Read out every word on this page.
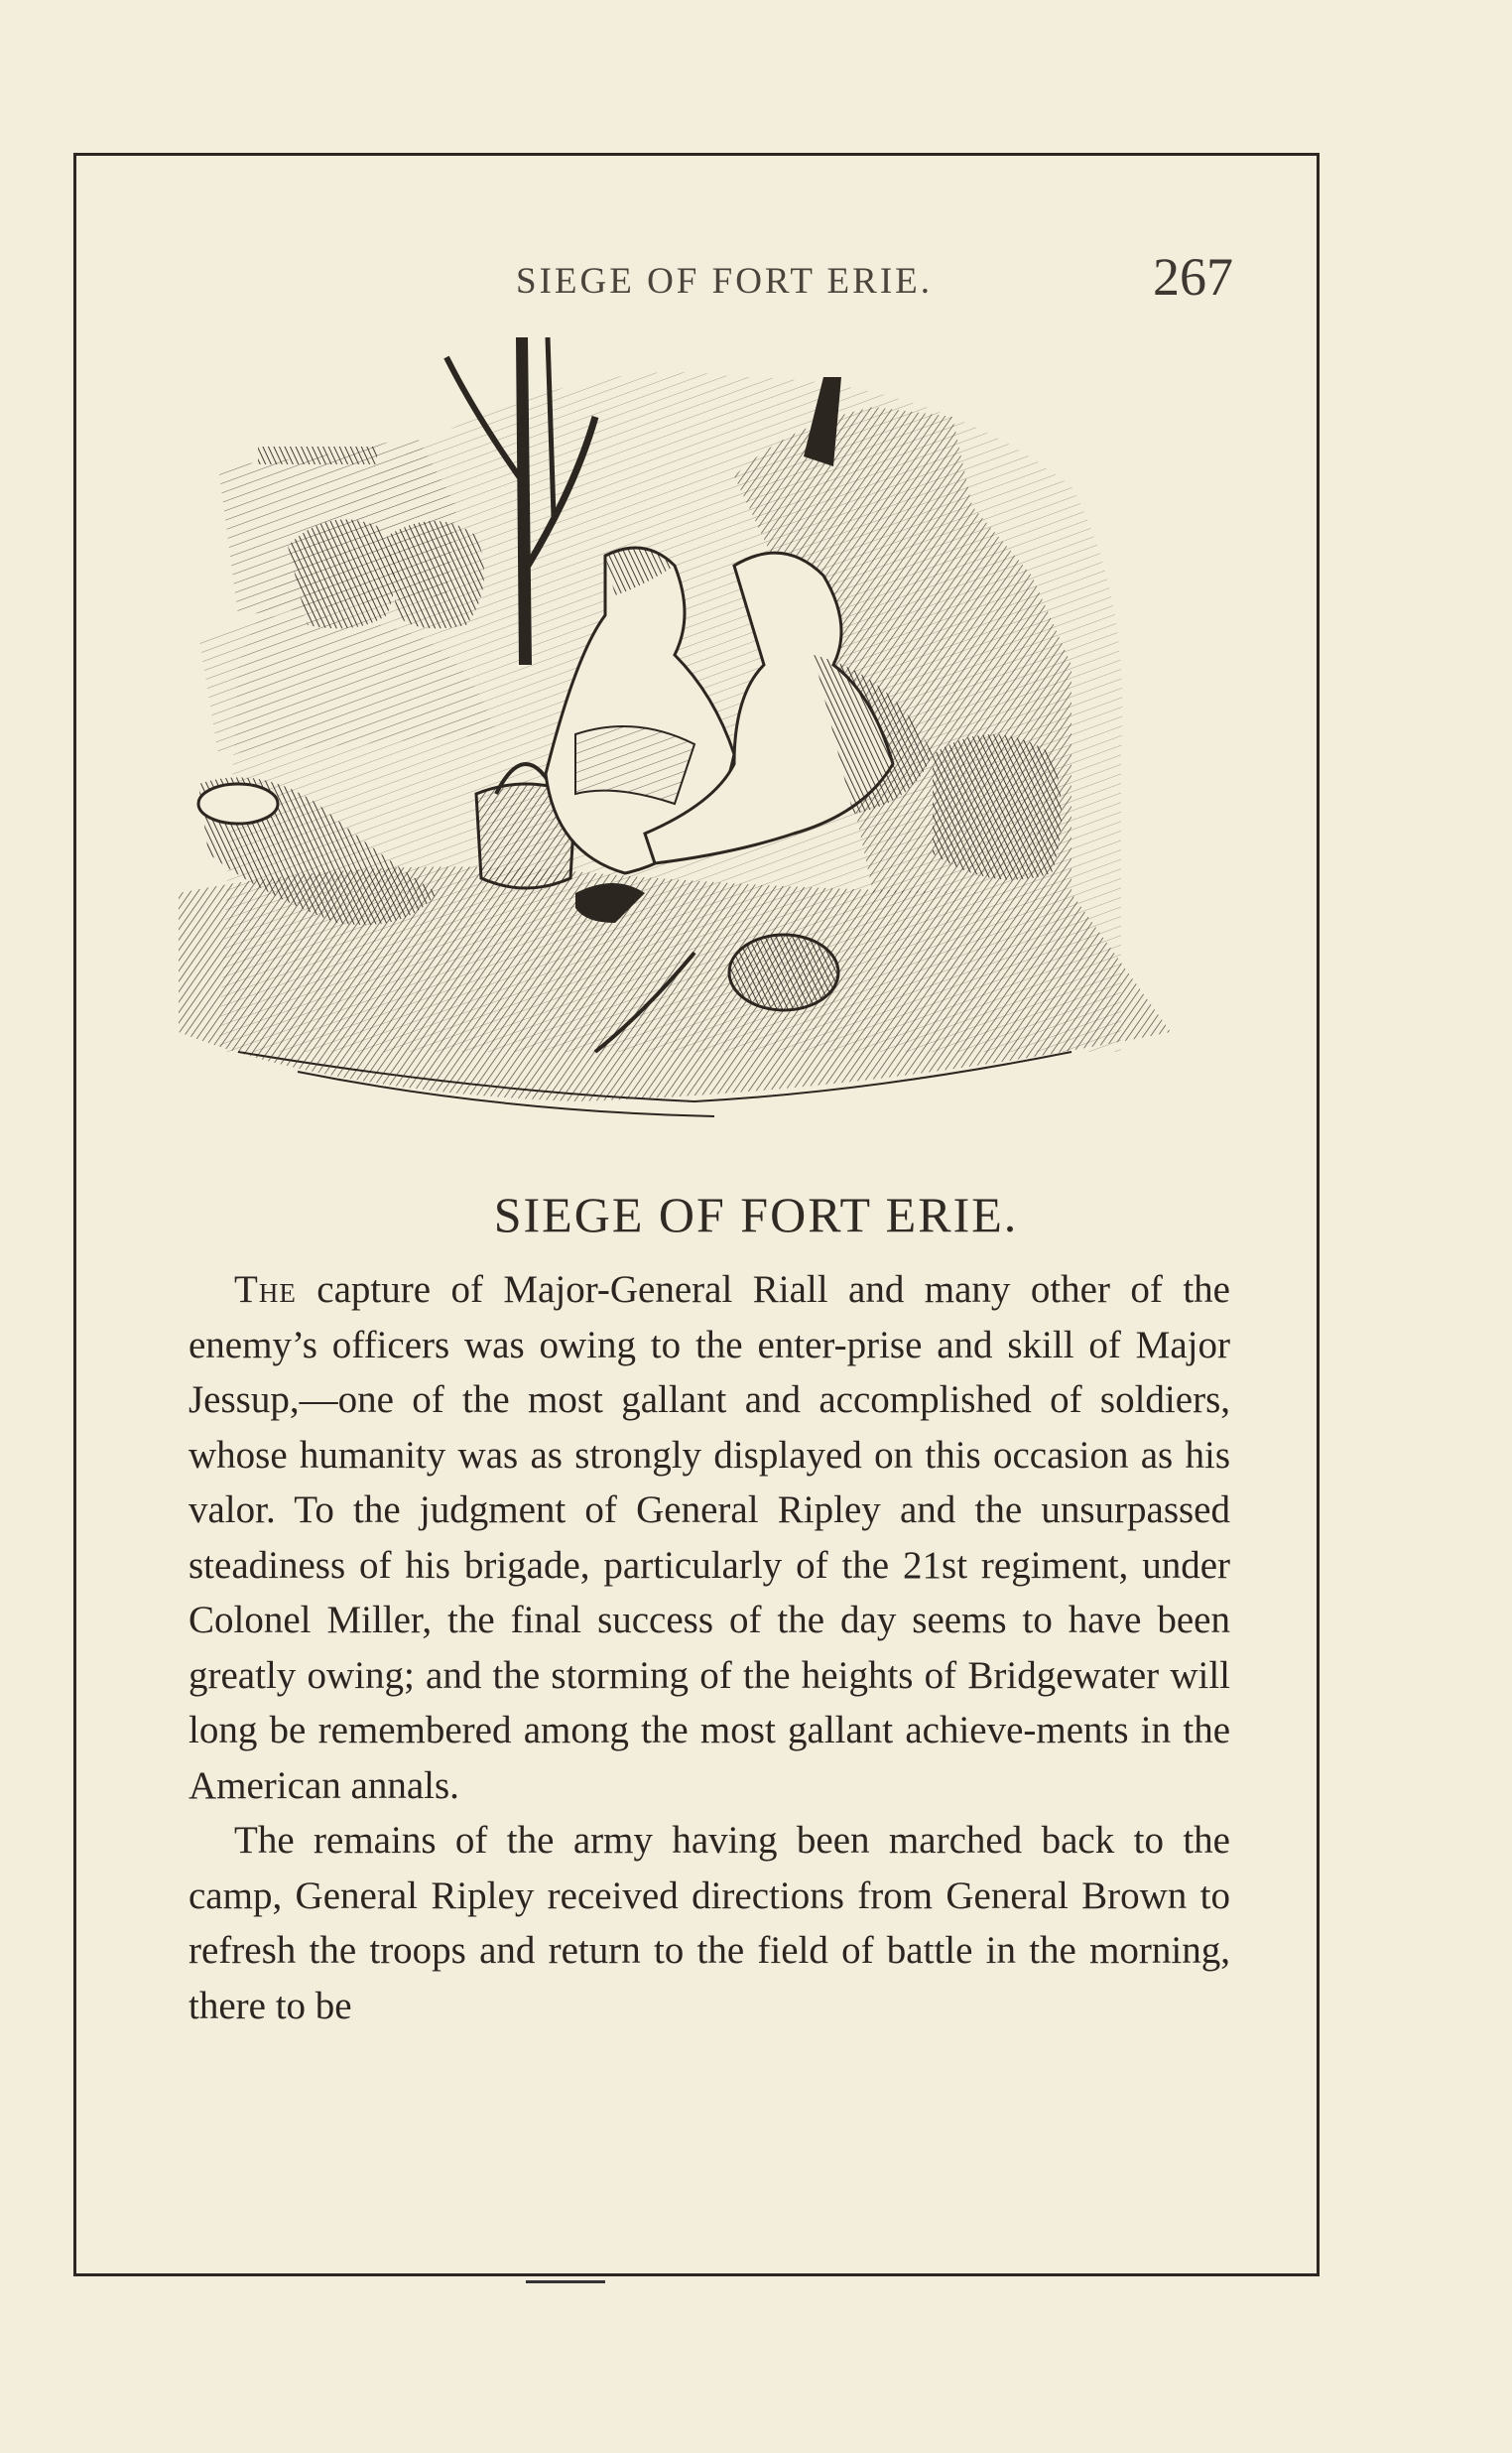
SIEGE OF FORT ERIE.	267
SIEGE OF FORT ERIE.

The capture of Major-General Riall and many other of the enemy’s officers was owing to the enter-prise and skill of Major Jessup,—one of the most gallant and accomplished of soldiers, whose humanity was as strongly displayed on this occasion as his valor. To the judgment of General Ripley and the unsurpassed steadiness of his brigade, particularly of the 21st regiment, under Colonel Miller, the final success of the day seems to have been greatly owing; and the storming of the heights of Bridgewater will long be remembered among the most gallant achieve-ments in the American annals.

The remains of the army having been marched back to the camp, General Ripley received directions from General Brown to refresh the troops and return to the field of battle in the morning, there to be
